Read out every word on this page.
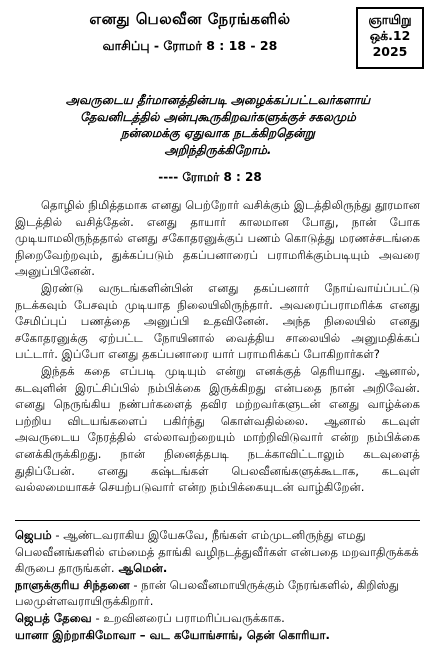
எனது பெலவீன நேரங்களில்
வாசிப்பு - ரோமர் 8 : 18 - 28
ஞாயிறு
ஒக்.12
2025
அவருடைய தீர்மானத்தின்படி அழைக்கப்பட்டவர்களாய்
தேவனிடத்தில் அன்புகூருகிறவர்களுக்குச் சகலமும்
நன்மைக்கு ஏதுவாக நடக்கிறதென்று
அறிந்திருக்கிறோம்.
---- ரோமர் 8 : 28

தொழில் நிமித்தமாக எனது பெற்றோர் வசிக்கும் இடத்திலிருந்து தூரமான இடத்தில் வசித்தேன். எனது தாயார் காலமான போது, நான் போக முடியாமலிருந்ததால் எனது சகோதரனுக்குப் பணம் கொடுத்து மரணச்சடங்கை நிறைவேற்றவும், துக்கப்படும் தகப்பனாரைப் பராமரிக்கும்படியும் அவரை அனுப்பினேன்.

இரண்டு வருடங்களின்பின் எனது தகப்பனார் நோய்வாய்ப்பட்டு நடக்கவும் பேசவும் முடியாத நிலையிலிருந்தார். அவரைப்பராமரிக்க எனது சேமிப்புப் பணத்தை அனுப்பி உதவினேன். அந்த நிலையில் எனது சகோதரனுக்கு ஏற்பட்ட நோயினால் வைத்திய சாலையில் அனுமதிக்கப் பட்டார். இப்போ எனது தகப்பனாரை யார் பராமரிக்கப் போகிறார்கள்?

இந்தக் கதை எப்படி முடியும் என்று எனக்குத் தெரியாது. ஆனால், கடவுளின் இரட்சிப்பில் நம்பிக்கை இருக்கிறது என்பதை நான் அறிவேன். எனது நெருங்கிய நண்பர்களைத் தவிர மற்றவர்களுடன் எனது வாழ்க்கை பற்றிய விடயங்களைப் பகிர்ந்து கொள்வதில்லை. ஆனால் கடவுள் அவருடைய நேரத்தில் எல்லாவற்றையும் மாற்றிவிடுவார் என்ற நம்பிக்கை எனக்கிருக்கிறது. நான் நினைத்தபடி நடக்காவிட்டாலும் கடவுளைத் துதிப்பேன். எனது கஷ்டங்கள் பெலவீனங்களுக்கூடாக, கடவுள் வல்லமையாகச் செயற்படுவார் என்ற நம்பிக்கையுடன் வாழ்கிறேன்.

ஜெபம் - ஆண்டவராகிய இயேசுவே, நீங்கள் எம்முடனிருந்து எமது பெலவீனங்களில் எம்மைத் தாங்கி வழிநடத்துவீர்கள் என்பதை மறவாதிருக்கக் கிருபை தாருங்கள். ஆமென்.

நாளுக்குரிய சிந்தனை - நான் பெலவீனமாயிருக்கும் நேரங்களில், கிறிஸ்து பலமுள்ளவராயிருக்கிறார்.

ஜெபத் தேவை - உறவினரைப் பராமரிப்பவருக்காக.

யானா இற்றாகிமோவா – வட கயோங்சாங், தென் கொரியா.
